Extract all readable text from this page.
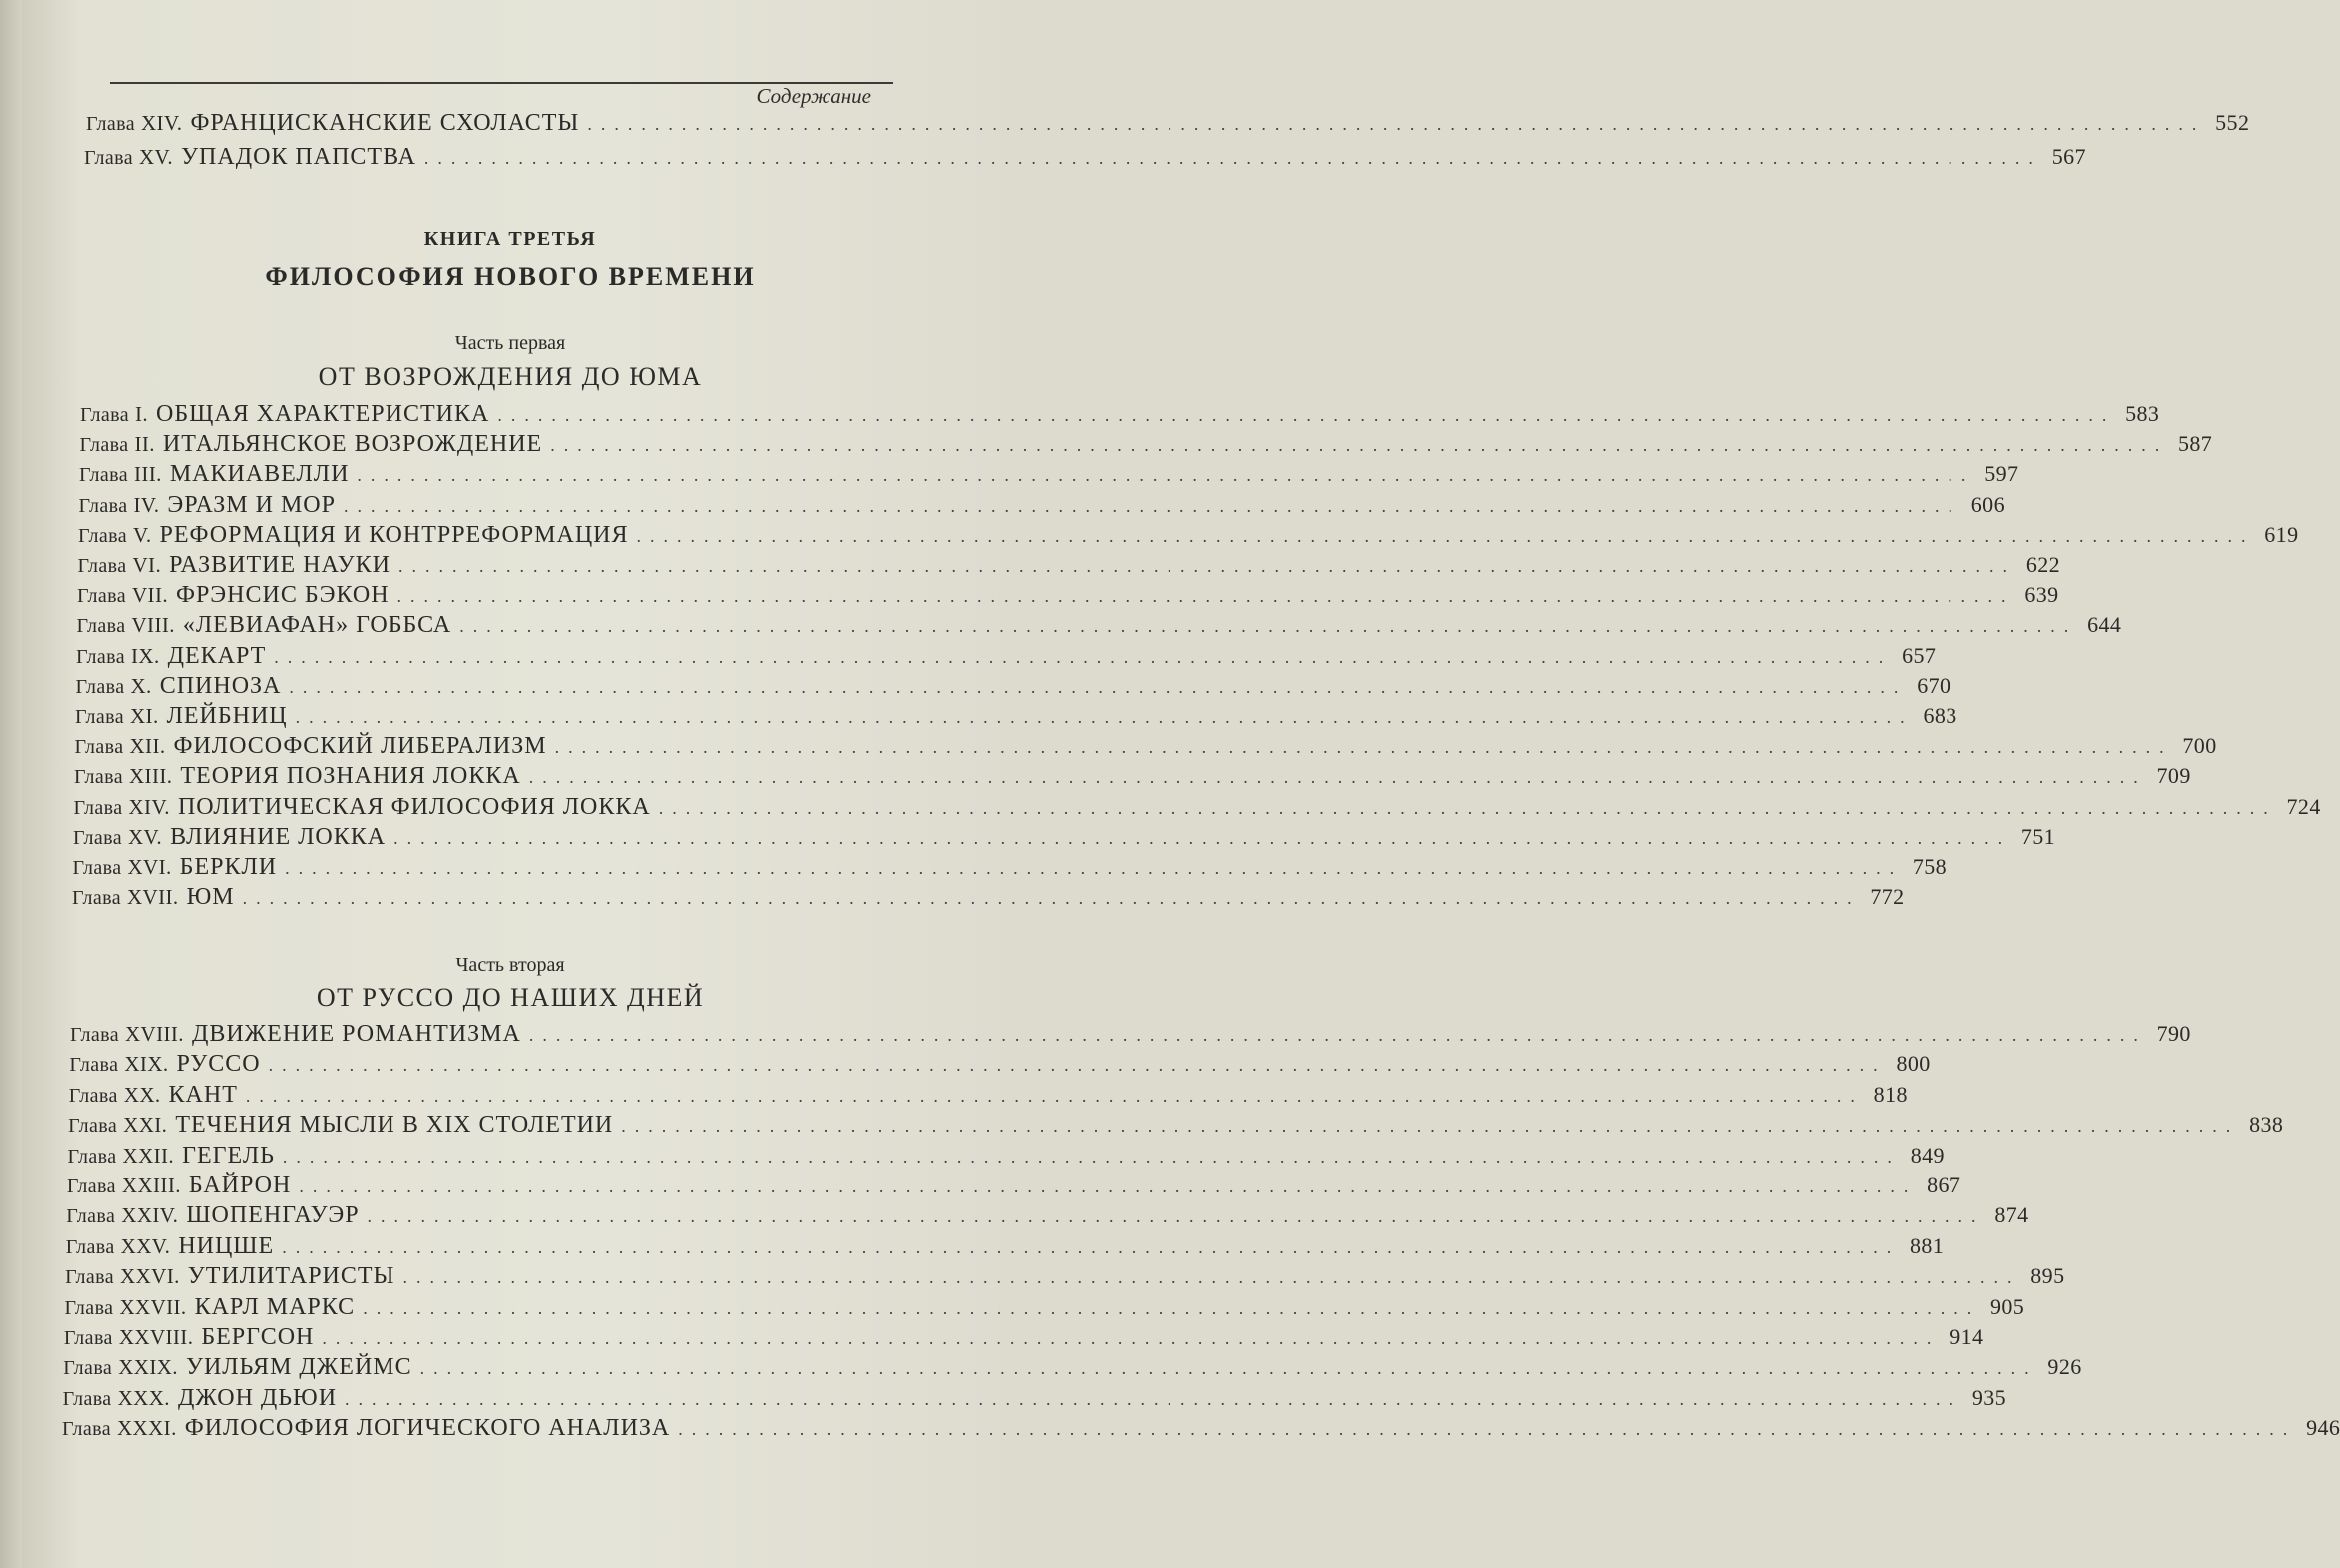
Содержание
Глава XIV. ФРАНЦИСКАНСКИЕ СХОЛАСТЫ ........................................................................................................................ 552
Глава XV. УПАДОК ПАПСТВА ........................................................................................................................ 567
КНИГА ТРЕТЬЯ
ФИЛОСОФИЯ НОВОГО ВРЕМЕНИ
Часть первая
ОТ ВОЗРОЖДЕНИЯ ДО ЮМА
Глава I. ОБЩАЯ ХАРАКТЕРИСТИКА ........................................................................................................................ 583
Глава II. ИТАЛЬЯНСКОЕ ВОЗРОЖДЕНИЕ ........................................................................................................................ 587
Глава III. МАКИАВЕЛЛИ ........................................................................................................................ 597
Глава IV. ЭРАЗМ И МОР ........................................................................................................................ 606
Глава V. РЕФОРМАЦИЯ И КОНТРРЕФОРМАЦИЯ ........................................................................................................................ 619
Глава VI. РАЗВИТИЕ НАУКИ ........................................................................................................................ 622
Глава VII. ФРЭНСИС БЭКОН ........................................................................................................................ 639
Глава VIII. «ЛЕВИАФАН» ГОББСА ........................................................................................................................ 644
Глава IX. ДЕКАРТ ........................................................................................................................ 657
Глава X. СПИНОЗА ........................................................................................................................ 670
Глава XI. ЛЕЙБНИЦ ........................................................................................................................ 683
Глава XII. ФИЛОСОФСКИЙ ЛИБЕРАЛИЗМ ........................................................................................................................ 700
Глава XIII. ТЕОРИЯ ПОЗНАНИЯ ЛОККА ........................................................................................................................ 709
Глава XIV. ПОЛИТИЧЕСКАЯ ФИЛОСОФИЯ ЛОККА ........................................................................................................................ 724
Глава XV. ВЛИЯНИЕ ЛОККА ........................................................................................................................ 751
Глава XVI. БЕРКЛИ ........................................................................................................................ 758
Глава XVII. ЮМ ........................................................................................................................ 772
Часть вторая
ОТ РУССО ДО НАШИХ ДНЕЙ
Глава XVIII. ДВИЖЕНИЕ РОМАНТИЗМА ........................................................................................................................ 790
Глава XIX. РУССО ........................................................................................................................ 800
Глава XX. КАНТ ........................................................................................................................ 818
Глава XXI. ТЕЧЕНИЯ МЫСЛИ В XIX СТОЛЕТИИ ........................................................................................................................ 838
Глава XXII. ГЕГЕЛЬ ........................................................................................................................ 849
Глава XXIII. БАЙРОН ........................................................................................................................ 867
Глава XXIV. ШОПЕНГАУЭР ........................................................................................................................ 874
Глава XXV. НИЦШЕ ........................................................................................................................ 881
Глава XXVI. УТИЛИТАРИСТЫ ........................................................................................................................ 895
Глава XXVII. КАРЛ МАРКС ........................................................................................................................ 905
Глава XXVIII. БЕРГСОН ........................................................................................................................ 914
Глава XXIX. УИЛЬЯМ ДЖЕЙМС ........................................................................................................................ 926
Глава XXX. ДЖОН ДЬЮИ ........................................................................................................................ 935
Глава XXXI. ФИЛОСОФИЯ ЛОГИЧЕСКОГО АНАЛИЗА ........................................................................................................................ 946
